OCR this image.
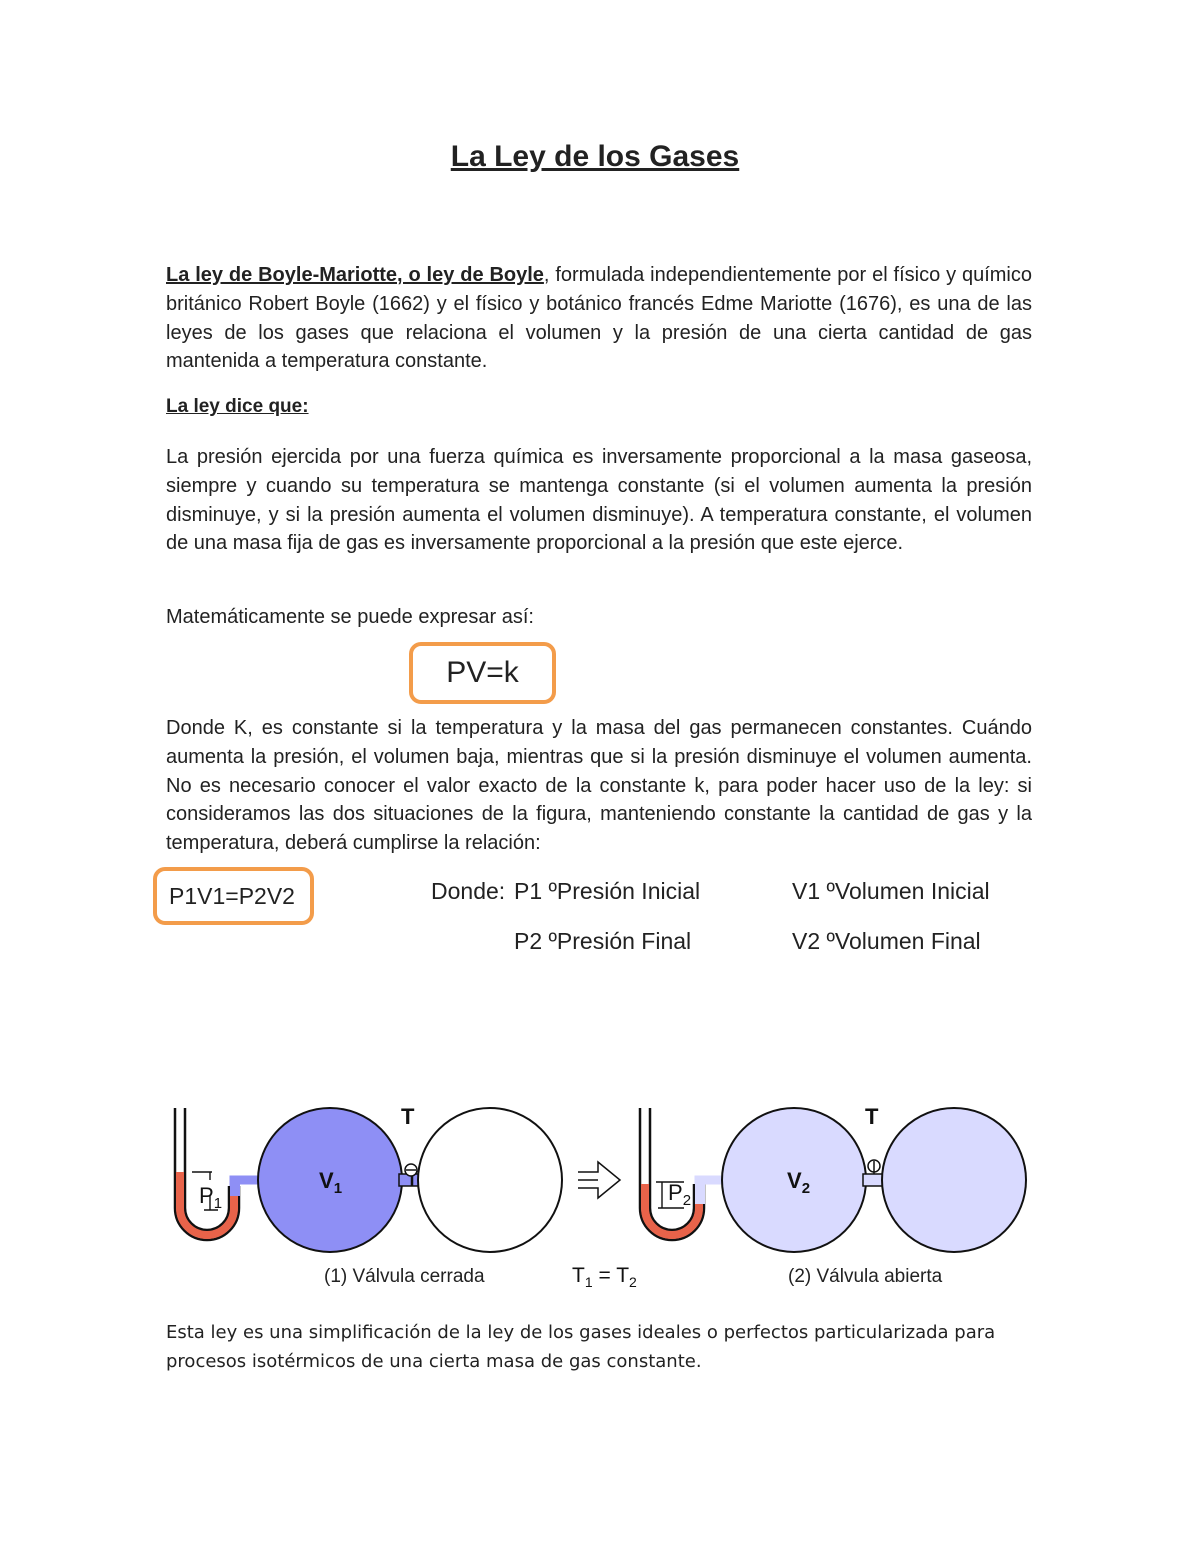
La Ley de los Gases

La ley de Boyle-Mariotte, o ley de Boyle, formulada independientemente por el físico y químico británico Robert Boyle (1662) y el físico y botánico francés Edme Mariotte (1676), es una de las leyes de los gases que relaciona el volumen y la presión de una cierta cantidad de gas mantenida a temperatura constante.

La ley dice que:

La presión ejercida por una fuerza química es inversamente proporcional a la masa gaseosa, siempre y cuando su temperatura se mantenga constante (si el volumen aumenta la presión disminuye, y si la presión aumenta el volumen disminuye). A temperatura constante, el volumen de una masa fija de gas es inversamente proporcional a la presión que este ejerce.

Matemáticamente se puede expresar así:
PV=k

Donde K, es constante si la temperatura y la masa del gas permanecen constantes. Cuándo aumenta la presión, el volumen baja, mientras que si la presión disminuye el volumen aumenta. No es necesario conocer el valor exacto de la constante k, para poder hacer uso de la ley: si consideramos las dos situaciones de la figura, manteniendo constante la cantidad de gas y la temperatura, deberá cumplirse la relación:

P1V1=P2V2	Donde: P1 ºPresión Inicial	V1 ºVolumen Inicial
P2 ºPresión Final	V2 ºVolumen Final
$P_1$
$V_1$
T
$P_2$
$V_2$
T
(1) Válvula cerrada	$T_1 = T_2$	(2) Válvula abierta

Esta ley es una simplificación de la ley de los gases ideales o perfectos particularizada para procesos isotérmicos de una cierta masa de gas constante.
